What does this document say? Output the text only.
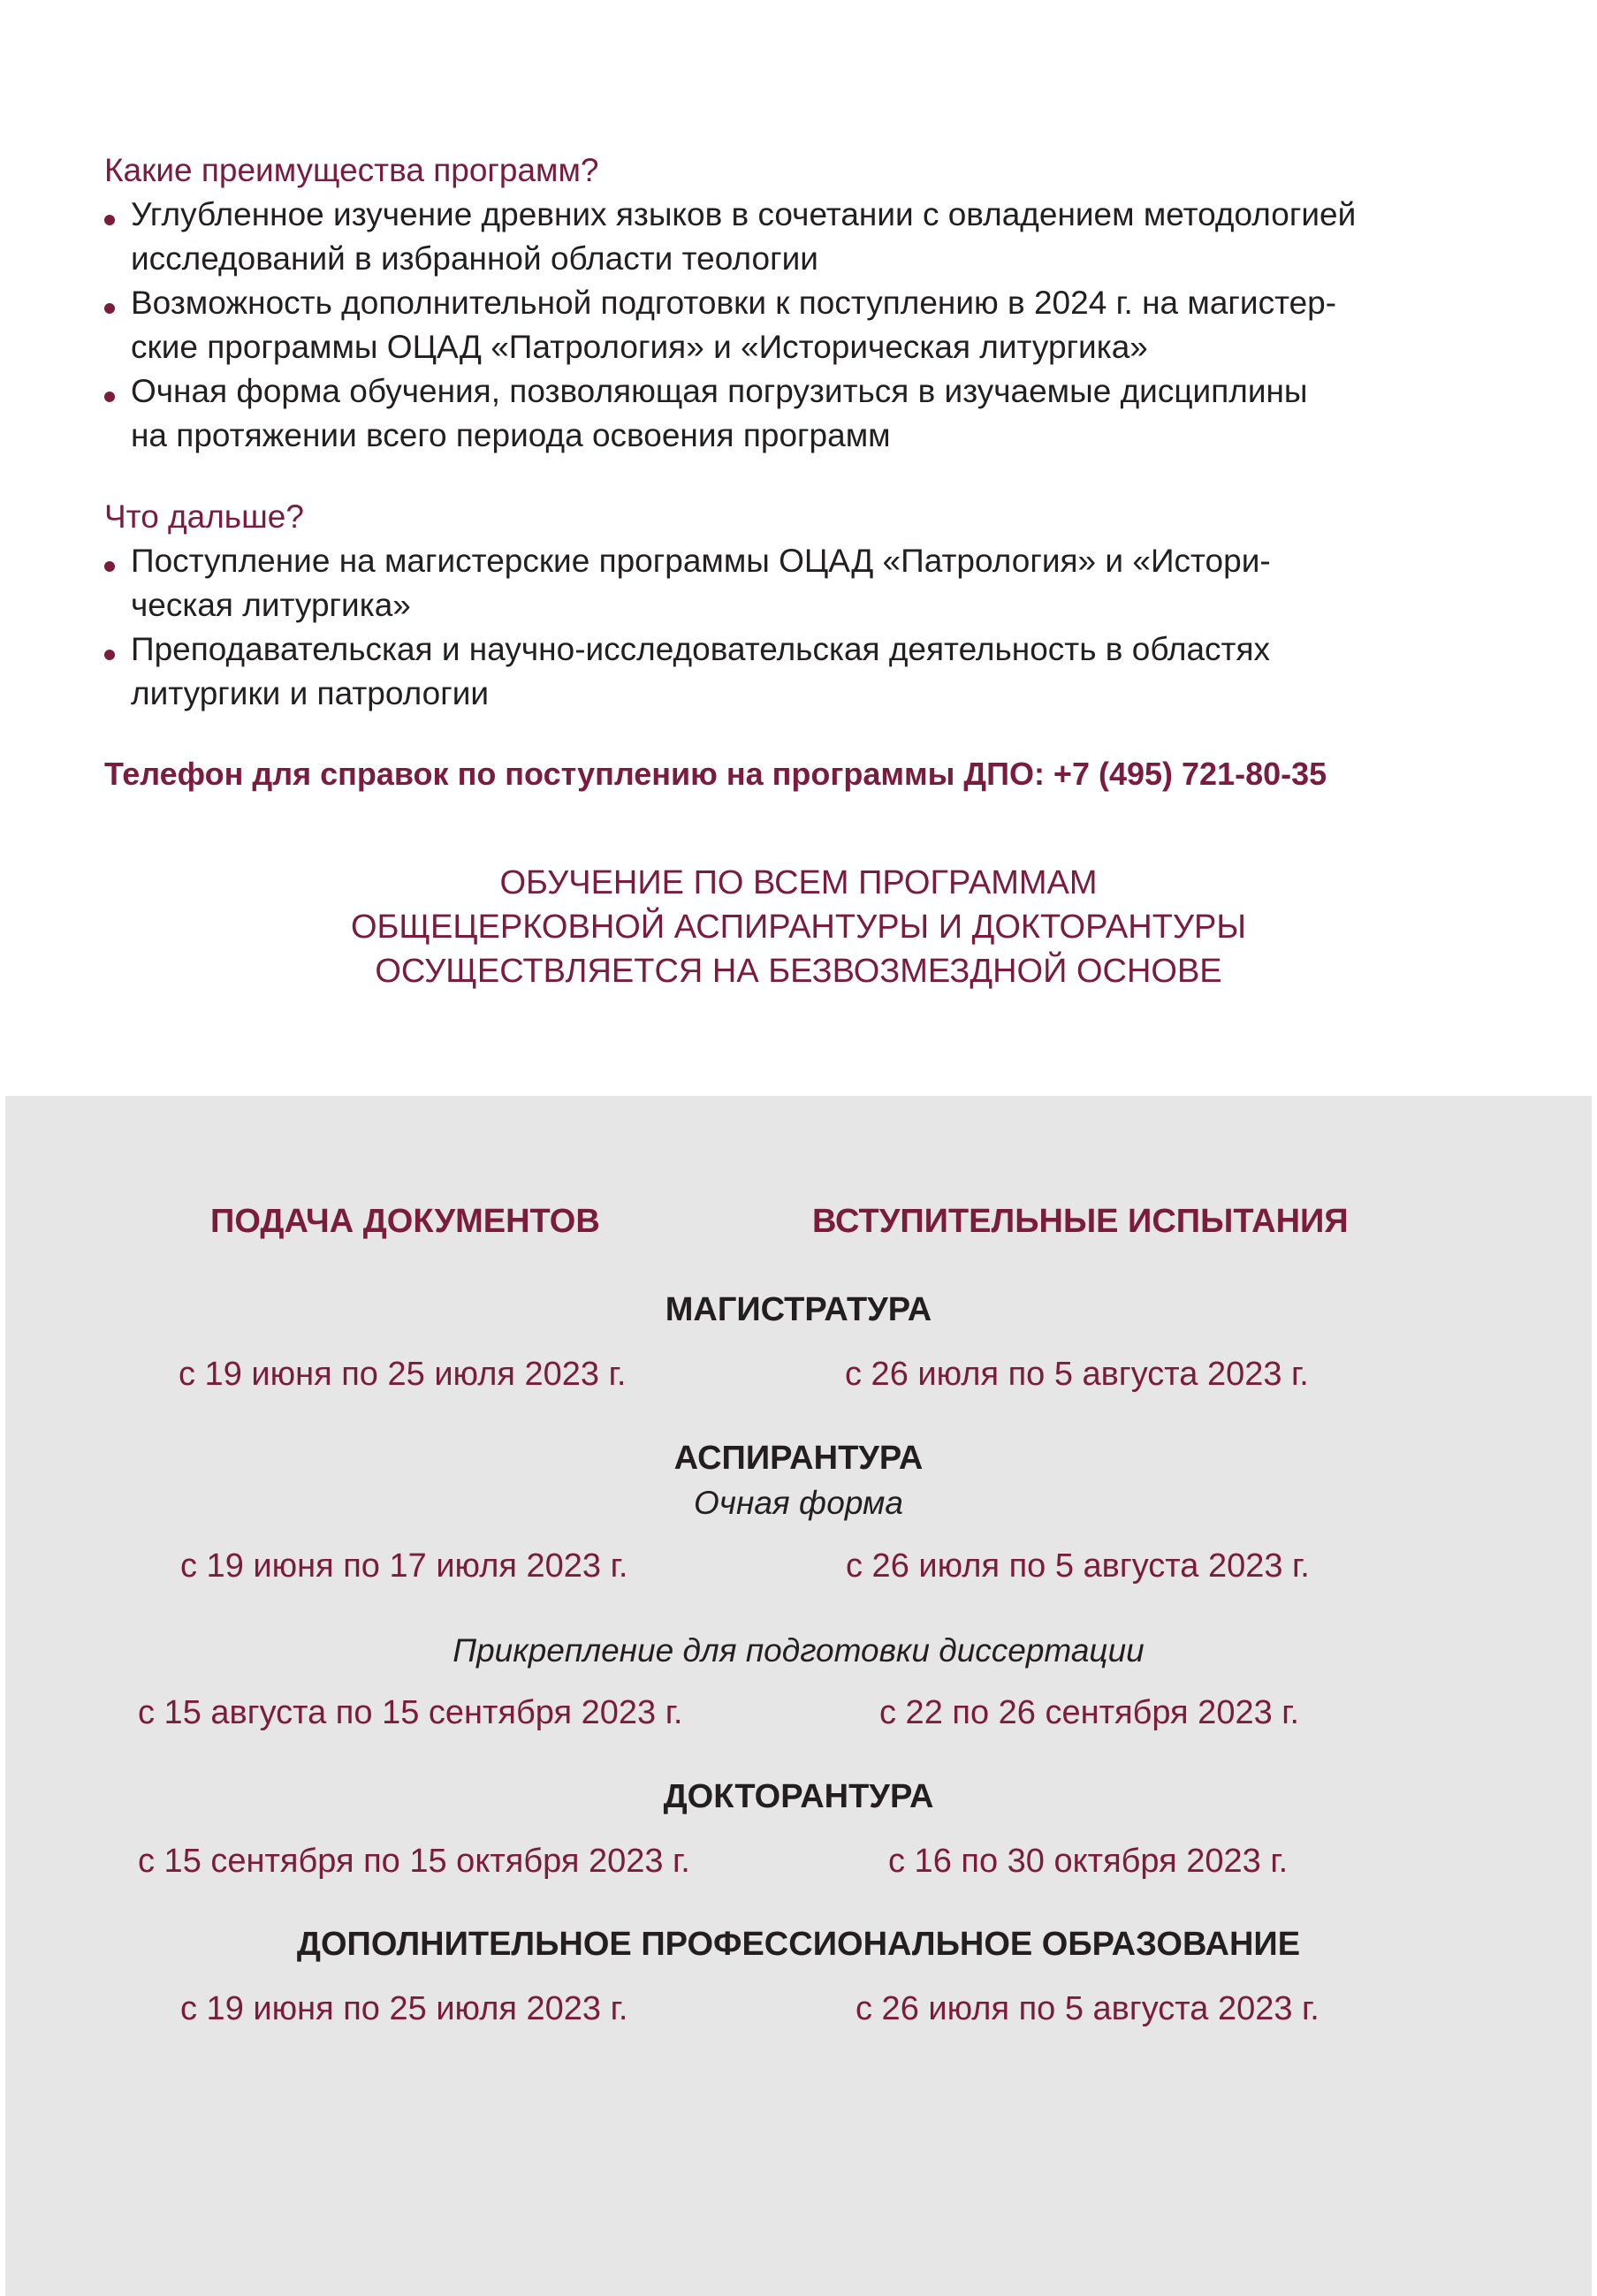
Какие преимущества программ?

Углубленное изучение древних языков в сочетании с овладением методологией
исследований в избранной области теологии
Возможность дополнительной подготовки к поступлению в 2024 г. на магистер-
ские программы ОЦАД «Патрология» и «Историческая литургика»
Очная форма обучения, позволяющая погрузиться в изучаемые дисциплины
на протяжении всего периода освоения программ

Что дальше?

Поступление на магистерские программы ОЦАД «Патрология» и «Истори-
ческая литургика»
Преподавательская и научно-исследовательская деятельность в областях
литургики и патрологии
Телефон для справок по поступлению на программы ДПО: +7 (495) 721-80-35
ОБУЧЕНИЕ ПО ВСЕМ ПРОГРАММАМ
ОБЩЕЦЕРКОВНОЙ АСПИРАНТУРЫ И ДОКТОРАНТУРЫ
ОСУЩЕСТВЛЯЕТСЯ НА БЕЗВОЗМЕЗДНОЙ ОСНОВЕ
ПОДАЧА ДОКУМЕНТОВ	ВСТУПИТЕЛЬНЫЕ ИСПЫТАНИЯ
МАГИСТРАТУРА
с 19 июня по 25 июля 2023 г.	с 26 июля по 5 августа 2023 г.
АСПИРАНТУРА
Очная форма
с 19 июня по 17 июля 2023 г.	с 26 июля по 5 августа 2023 г.
Прикрепление для подготовки диссертации
с 15 августа по 15 сентября 2023 г.	с 22 по 26 сентября 2023 г.
ДОКТОРАНТУРА
с 15 сентября по 15 октября 2023 г.	с 16 по 30 октября 2023 г.
ДОПОЛНИТЕЛЬНОЕ ПРОФЕССИОНАЛЬНОЕ ОБРАЗОВАНИЕ
с 19 июня по 25 июля 2023 г.	с 26 июля по 5 августа 2023 г.
